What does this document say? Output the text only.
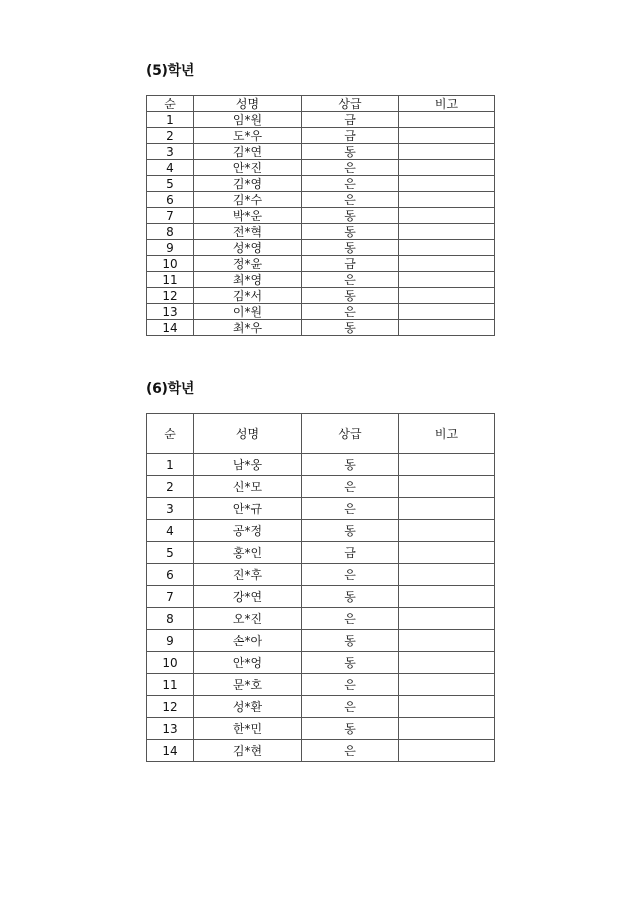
(5)학년
순	성명	상급	비고
1	임*원	금	
2	도*우	금	
3	김*연	동	
4	안*진	은	
5	김*영	은	
6	김*수	은	
7	박*운	동	
8	전*혁	동	
9	성*영	동	
10	정*윤	금	
11	최*영	은	
12	김*서	동	
13	이*원	은	
14	최*우	동	
(6)학년
순	성명	상급	비고
1	남*웅	동	
2	신*모	은	
3	안*규	은	
4	공*정	동	
5	홍*인	금	
6	진*후	은	
7	강*연	동	
8	오*진	은	
9	손*아	동	
10	안*엉	동	
11	문*호	은	
12	성*환	은	
13	한*민	동	
14	김*현	은	
